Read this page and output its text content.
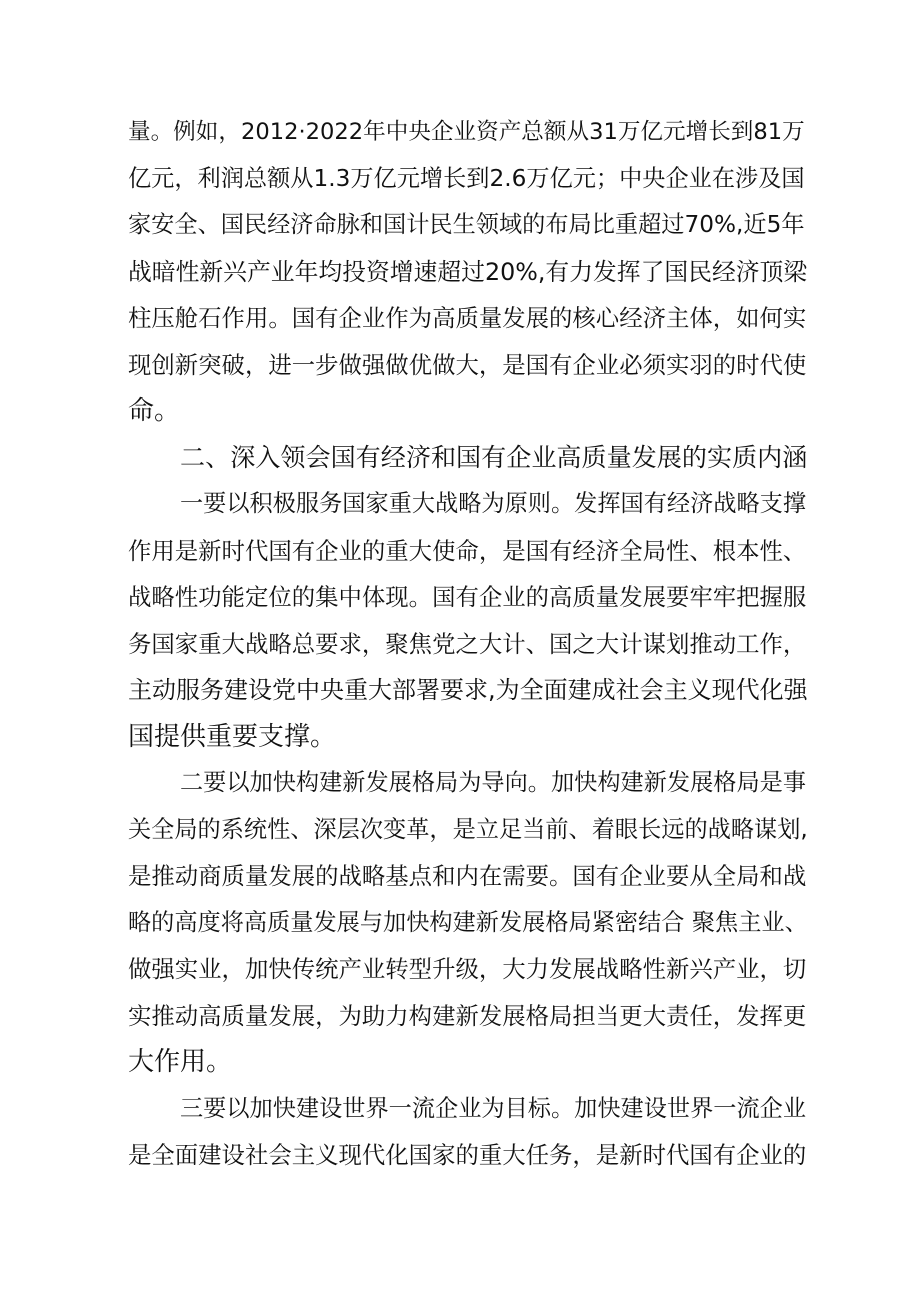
量。例如，2012·2022年中央企业资产总额从31万亿元增长到81万
亿元，利润总额从1.3万亿元增长到2.6万亿元；中央企业在涉及国
家安全、国民经济命脉和国计民生领域的布局比重超过70%,近5年
战暗性新兴产业年均投资增速超过20%,有力发挥了国民经济顶梁
柱压舱石作用。国有企业作为高质量发展的核心经济主体，如何实
现创新突破，进一步做强做优做大，是国有企业必须实羽的时代使
命。
二、深入领会国有经济和国有企业高质量发展的实质内涵
一要以积极服务国家重大战略为原则。发挥国有经济战略支撑
作用是新时代国有企业的重大使命，是国有经济全局性、根本性、
战略性功能定位的集中体现。国有企业的高质量发展要牢牢把握服
务国家重大战略总要求，聚焦党之大计、国之大计谋划推动工作，
主动服务建设党中央重大部署要求,为全面建成社会主义现代化强
国提供重要支撑。
二要以加快构建新发展格局为导向。加快构建新发展格局是事
关全局的系统性、深层次变革，是立足当前、着眼长远的战略谋划,
是推动商质量发展的战略基点和内在需要。国有企业要从全局和战
略的高度将高质量发展与加快构建新发展格局紧密结合 聚焦主业、
做强实业，加快传统产业转型升级，大力发展战略性新兴产业，切
实推动高质量发展，为助力构建新发展格局担当更大责任，发挥更
大作用。
三要以加快建设世界一流企业为目标。加快建设世界一流企业
是全面建设社会主义现代化国家的重大任务，是新时代国有企业的
